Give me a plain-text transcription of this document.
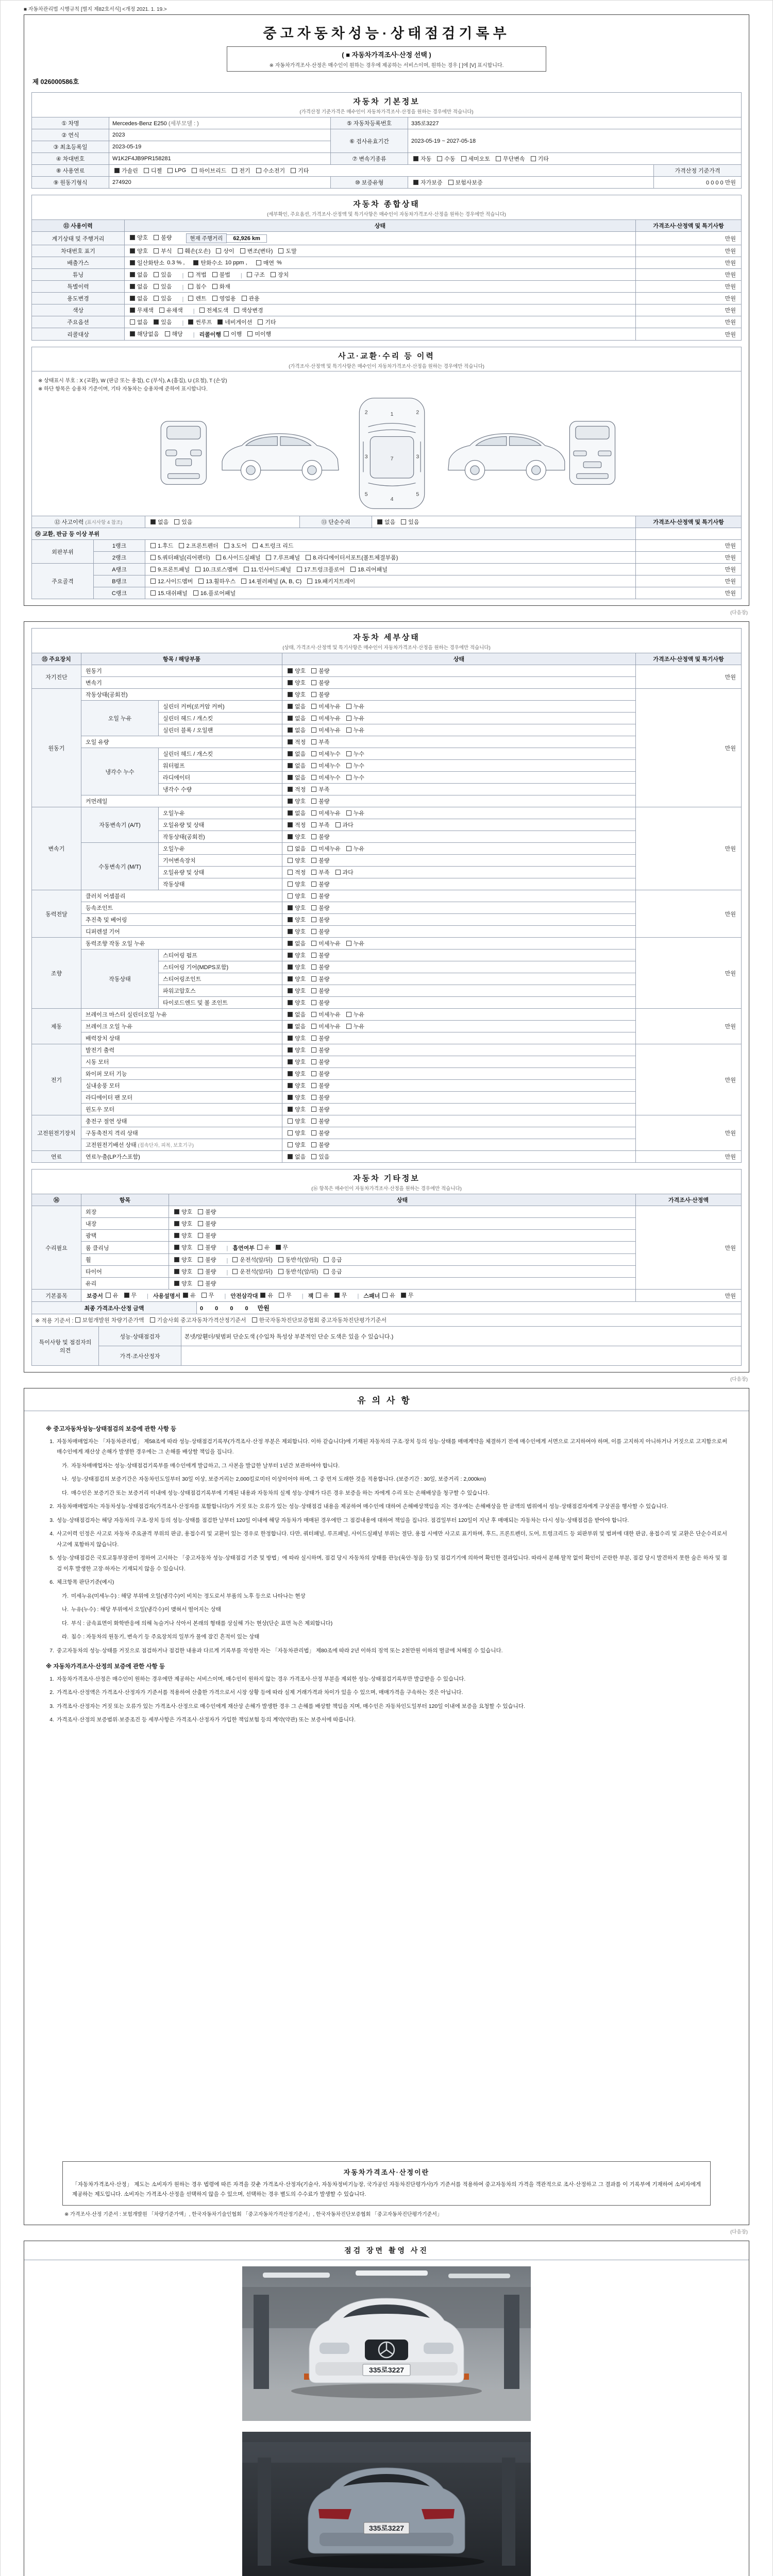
■ 자동차관리법 시행규칙 [별지 제82호서식] <개정 2021. 1. 19.>
중고자동차성능·상태점검기록부
( ■ 자동차가격조사·산정 선택 )
※ 자동차가격조사·산정은 매수인이 원하는 경우에 제공하는 서비스이며, 원하는 경우 [ ]에 [V] 표시합니다.
제 026000586호
자동차 기본정보
(가격산정 기준가격은 매수인이 자동차가격조사·산정을 원하는 경우에만 적습니다)
① 차명	Mercedes-Benz E250 (세부모델 : )	⑤ 자동차등록번호	335로3227	
② 연식	2023	⑥ 검사유효기간	2023-05-19 ~ 2027-05-18	
③ 최초등록일	2023-05-19			
④ 차대번호	W1K2F4JB9PR158281	⑦ 변속기종류	자동 수동 세미오토 무단변속 기타	

⑧ 사용연료	가솔린 디젤 LPG 하이브리드 전기 수소전기 기타	가격산정 기준가격
⑨ 원동기형식	274920	⑩ 보증유형	자가보증 보험사보증	0 0 0 0 만원
자동차 종합상태
(세부확인, 주요옵션, 가격조사·산정액 및 특기사항은 매수인이 자동차가격조사·산정을 원하는 경우에만 적습니다)
⑪ 사용이력	상태	가격조사·산정액 및 특기사항
계기상태 및 주행거리	양호 불량 현재 주행거리 62,926 km	만원
차대번호 표기	양호 부식 훼손(오손) 상이 변조(변타) 도말	만원
배출가스	일산화탄소 0.3 % ,	탄화수소 10 ppm ,	매연 %	만원
튜닝	없음 있음 | 적법 불법 | 구조 장치	만원
특별이력	없음 있음 | 침수 화재	만원
용도변경	없음 있음 | 렌트 영업용 관용	만원
색상	무채색 유채색 | 전체도색 색상변경	만원
주요옵션	없음 있음 | 썬루프 네비게이션 기타	만원
리콜대상	해당없음 해당 | 리콜이행 이행 미이행	만원
사고·교환·수리 등 이력
(가격조사·산정액 및 특기사항은 매수인이 자동차가격조사·산정을 원하는 경우에만 적습니다)
※ 상태표시 부호 : X (교환), W (판금 또는 용접), C (부식), A (흠집), U (요철), T (손상)
※ 하단 항목은 승용차 기준이며, 기타 자동차는 승용차에 준하여 표시합니다.
1
7
4
2	2
3	3
5	5
⑫ 사고이력 (표시사항 4 참조)	없음 있음	⑬ 단순수리	없음 있음	가격조사·산정액 및 특기사항
⑭ 교환, 판금 등 이상 부위			
외판부위	1랭크	1.후드 2.프론트펜더 3.도어 4.트렁크 리드	만원
	2랭크	5.쿼터패널(리어펜더) 6.사이드실패널 7.루프패널 8.라디에이터서포트(볼트체결부품)	만원
주요골격	A랭크	9.프론트패널 10.크로스멤버 11.인사이드패널 17.트렁크플로어 18.리어패널	만원
	B랭크	12.사이드멤버 13.휠하우스 14.필러패널 (A, B, C) 19.패키지트레이	만원
	C랭크	15.대쉬패널 16.플로어패널	만원
(다음장)
자동차 세부상태
(상태, 가격조사·산정액 및 특기사항은 매수인이 자동차가격조사·산정을 원하는 경우에만 적습니다)
⑮ 주요장치	항목 / 해당부품		상태	가격조사·산정액 및 특기사항
자기진단	원동기		양호 불량	만원
	변속기		양호 불량	

원동기	작동상태(공회전)		양호 불량	만원
	오일 누유	실린더 커버(로커암 커버)	없음 미세누유 누유	

		실린더 헤드 / 개스킷	없음 미세누유 누유	

		실린더 블록 / 오일팬	없음 미세누유 누유	

	오일 유량		적정 부족	

	냉각수 누수	실린더 헤드 / 개스킷	없음 미세누수 누수	

		워터펌프	없음 미세누수 누수	

		라디에이터	없음 미세누수 누수	

		냉각수 수량	적정 부족	

	커먼레일		양호 불량	

변속기	자동변속기 (A/T)	오일누유	없음 미세누유 누유	만원
		오일유량 및 상태	적정 부족 과다	

		작동상태(공회전)	양호 불량	

	수동변속기 (M/T)	오일누유	없음 미세누유 누유	

		기어변속장치	양호 불량	

		오일유량 및 상태	적정 부족 과다	

		작동상태	양호 불량	

동력전달	클러치 어셈블리		양호 불량	만원
	등속조인트		양호 불량	

	추진축 및 베어링		양호 불량	

	디퍼렌셜 기어		양호 불량	

조향	동력조향 작동 오일 누유		없음 미세누유 누유	만원
	작동상태	스티어링 펌프	양호 불량	

		스티어링 기어(MDPS포함)	양호 불량	

		스티어링조인트	양호 불량	

		파워고압호스	양호 불량	

		타이로드엔드 및 볼 조인트	양호 불량	

제동	브레이크 마스터 실린더오일 누유		없음 미세누유 누유	만원
	브레이크 오일 누유		없음 미세누유 누유	

	배력장치 상태		양호 불량	

전기	발전기 출력		양호 불량	만원
	시동 모터		양호 불량	

	와이퍼 모터 기능		양호 불량	

	실내송풍 모터		양호 불량	

	라디에이터 팬 모터		양호 불량	

	윈도우 모터		양호 불량	

고전원전기장치	충전구 절연 상태		양호 불량	만원
	구동축전지 격리 상태		양호 불량	

	고전원전기배선 상태 (접속단자, 피복, 보호기구)		양호 불량	

연료	연료누출(LP가스포함)		없음 있음	만원
자동차 기타정보
(⑯ 항목은 매수인이 자동차가격조사·산정을 원하는 경우에만 적습니다)
⑯	항목	상태	가격조사·산정액
수리필요	외장	양호 불량	만원
	내장	양호 불량	

	광택	양호 불량	

	룸 클리닝	양호 불량 | 흡연여부 유 무	

휠	양호 불량 | 운전석(앞/뒤) 동반석(앞/뒤) 응급

타이어	양호 불량 | 운전석(앞/뒤) 동반석(앞/뒤) 응급

	유리	양호 불량	

기본품목	보증서 유 무 | 사용설명서 유 무 | 안전삼각대 유 무 | 잭 유 무 | 스패너 유 무	만원
최종 가격조사·산정 금액	0 0 0 0 만원
※ 적용 기준서 : 보험개발원 차량기준가액 기술사회 중고자동차가격산정기준서 한국자동차진단보증협회 중고자동차진단평가기준서
특이사항 및 점검자의 의견	성능·상태점검자	본넷/앞휀더/뒷범퍼 단순도색 (수입차 특성상 부분적인 단순 도색은 있을 수 있습니다.)
	가격·조사산정자	
(다음장)
유의사항
※ 중고자동차성능·상태점검의 보증에 관한 사항 등
1. 자동차매매업자는 「자동차관리법」 제58조에 따라 성능·상태점검기록부(가격조사·산정 부분은 제외합니다. 이하 같습니다)에 기재된 자동차의 구조·장치 등의 성능·상태를 매매계약을 체결하기 전에 매수인에게 서면으로 고지하여야 하며, 이를 고지하지 아니하거나 거짓으로 고지함으로써 매수인에게 재산상 손해가 발생한 경우에는 그 손해를 배상할 책임을 집니다.
가. 자동차매매업자는 성능·상태점검기록부를 매수인에게 발급하고, 그 사본을 발급한 날부터 1년간 보관하여야 합니다.
나. 성능·상태점검의 보증기간은 자동차인도일부터 30일 이상, 보증거리는 2,000킬로미터 이상이어야 하며, 그 중 먼저 도래한 것을 적용합니다. (보증기간 : 30일, 보증거리 : 2,000km)
다. 매수인은 보증기간 또는 보증거리 이내에 성능·상태점검기록부에 기재된 내용과 자동차의 실제 성능·상태가 다른 경우 보증을 하는 자에게 수리 또는 손해배상을 청구할 수 있습니다.
2. 자동차매매업자는 자동차성능·상태점검자(가격조사·산정자를 포함합니다)가 거짓 또는 오류가 있는 성능·상태점검 내용을 제공하여 매수인에 대하여 손해배상책임을 지는 경우에는 손해배상을 한 금액의 범위에서 성능·상태점검자에게 구상권을 행사할 수 있습니다.
3. 성능·상태점검자는 해당 자동차의 구조·장치 등의 성능·상태를 점검한 날부터 120일 이내에 해당 자동차가 매매된 경우에만 그 점검내용에 대하여 책임을 집니다. 점검일부터 120일이 지난 후 매매되는 자동차는 다시 성능·상태점검을 받아야 합니다.
4. 사고이력 인정은 사고로 자동차 주요골격 부위의 판금, 용접수리 및 교환이 있는 경우로 한정합니다. 다만, 쿼터패널, 루프패널, 사이드실패널 부위는 절단, 용접 시에만 사고로 표기하며, 후드, 프론트펜더, 도어, 트렁크리드 등 외판부위 및 범퍼에 대한 판금, 용접수리 및 교환은 단순수리로서 사고에 포함하지 않습니다.
5. 성능·상태점검은 국토교통부장관이 정하여 고시하는 「중고자동차 성능·상태점검 기준 및 방법」에 따라 실시하며, 점검 당시 자동차의 상태를 관능(육안·청음 등) 및 점검기기에 의하여 확인한 결과입니다. 따라서 분해·탈착 없이 확인이 곤란한 부분, 점검 당시 발견하지 못한 숨은 하자 및 점검 이후 발생한 고장·하자는 기재되지 않을 수 있습니다.
6. 체크항목 판단기준(예시)
가. 미세누유(미세누수) : 해당 부위에 오일(냉각수)이 비치는 정도로서 부품의 노후 등으로 나타나는 현상
나. 누유(누수) : 해당 부위에서 오일(냉각수)이 맺혀서 떨어지는 상태
다. 부식 : 금속표면이 화학반응에 의해 녹슬거나 삭아서 본래의 형태를 상실해 가는 현상(단순 표면 녹은 제외합니다)
라. 침수 : 자동차의 원동기, 변속기 등 주요장치의 일부가 물에 잠긴 흔적이 있는 상태
7. 중고자동차의 성능·상태를 거짓으로 점검하거나 점검한 내용과 다르게 기록부를 작성한 자는 「자동차관리법」 제80조에 따라 2년 이하의 징역 또는 2천만원 이하의 벌금에 처해질 수 있습니다.
※ 자동차가격조사·산정의 보증에 관한 사항 등
1. 자동차가격조사·산정은 매수인이 원하는 경우에만 제공하는 서비스이며, 매수인이 원하지 않는 경우 가격조사·산정 부분을 제외한 성능·상태점검기록부만 발급받을 수 있습니다.
2. 가격조사·산정액은 가격조사·산정자가 기준서를 적용하여 산출한 가격으로서 시장 상황 등에 따라 실제 거래가격과 차이가 있을 수 있으며, 매매가격을 구속하는 것은 아닙니다.
3. 가격조사·산정자는 거짓 또는 오류가 있는 가격조사·산정으로 매수인에게 재산상 손해가 발생한 경우 그 손해를 배상할 책임을 지며, 매수인은 자동차인도일부터 120일 이내에 보증을 요청할 수 있습니다.
4. 가격조사·산정의 보증범위·보증조건 등 세부사항은 가격조사·산정자가 가입한 책임보험 등의 계약(약관) 또는 보증서에 따릅니다.
자동차가격조사·산정이란
「자동차가격조사·산정」 제도는 소비자가 원하는 경우 법령에 따른 자격을 갖춘 가격조사·산정자(기술사, 자동차정비기능장, 국가공인 자동차진단평가사)가 기준서를 적용하여 중고자동차의 가격을 객관적으로 조사·산정하고 그 결과를 이 기록부에 기재하여 소비자에게 제공하는 제도입니다. 소비자는 가격조사·산정을 선택하지 않을 수 있으며, 선택하는 경우 별도의 수수료가 발생할 수 있습니다.
※ 가격조사·산정 기준서 : 보험개발원 「차량기준가액」, 한국자동차기술인협회 「중고자동차가격산정기준서」, 한국자동차진단보증협회 「중고자동차진단평가기준서」
(다음장)
점검 장면 촬영 사진
335로3227
335로3227
